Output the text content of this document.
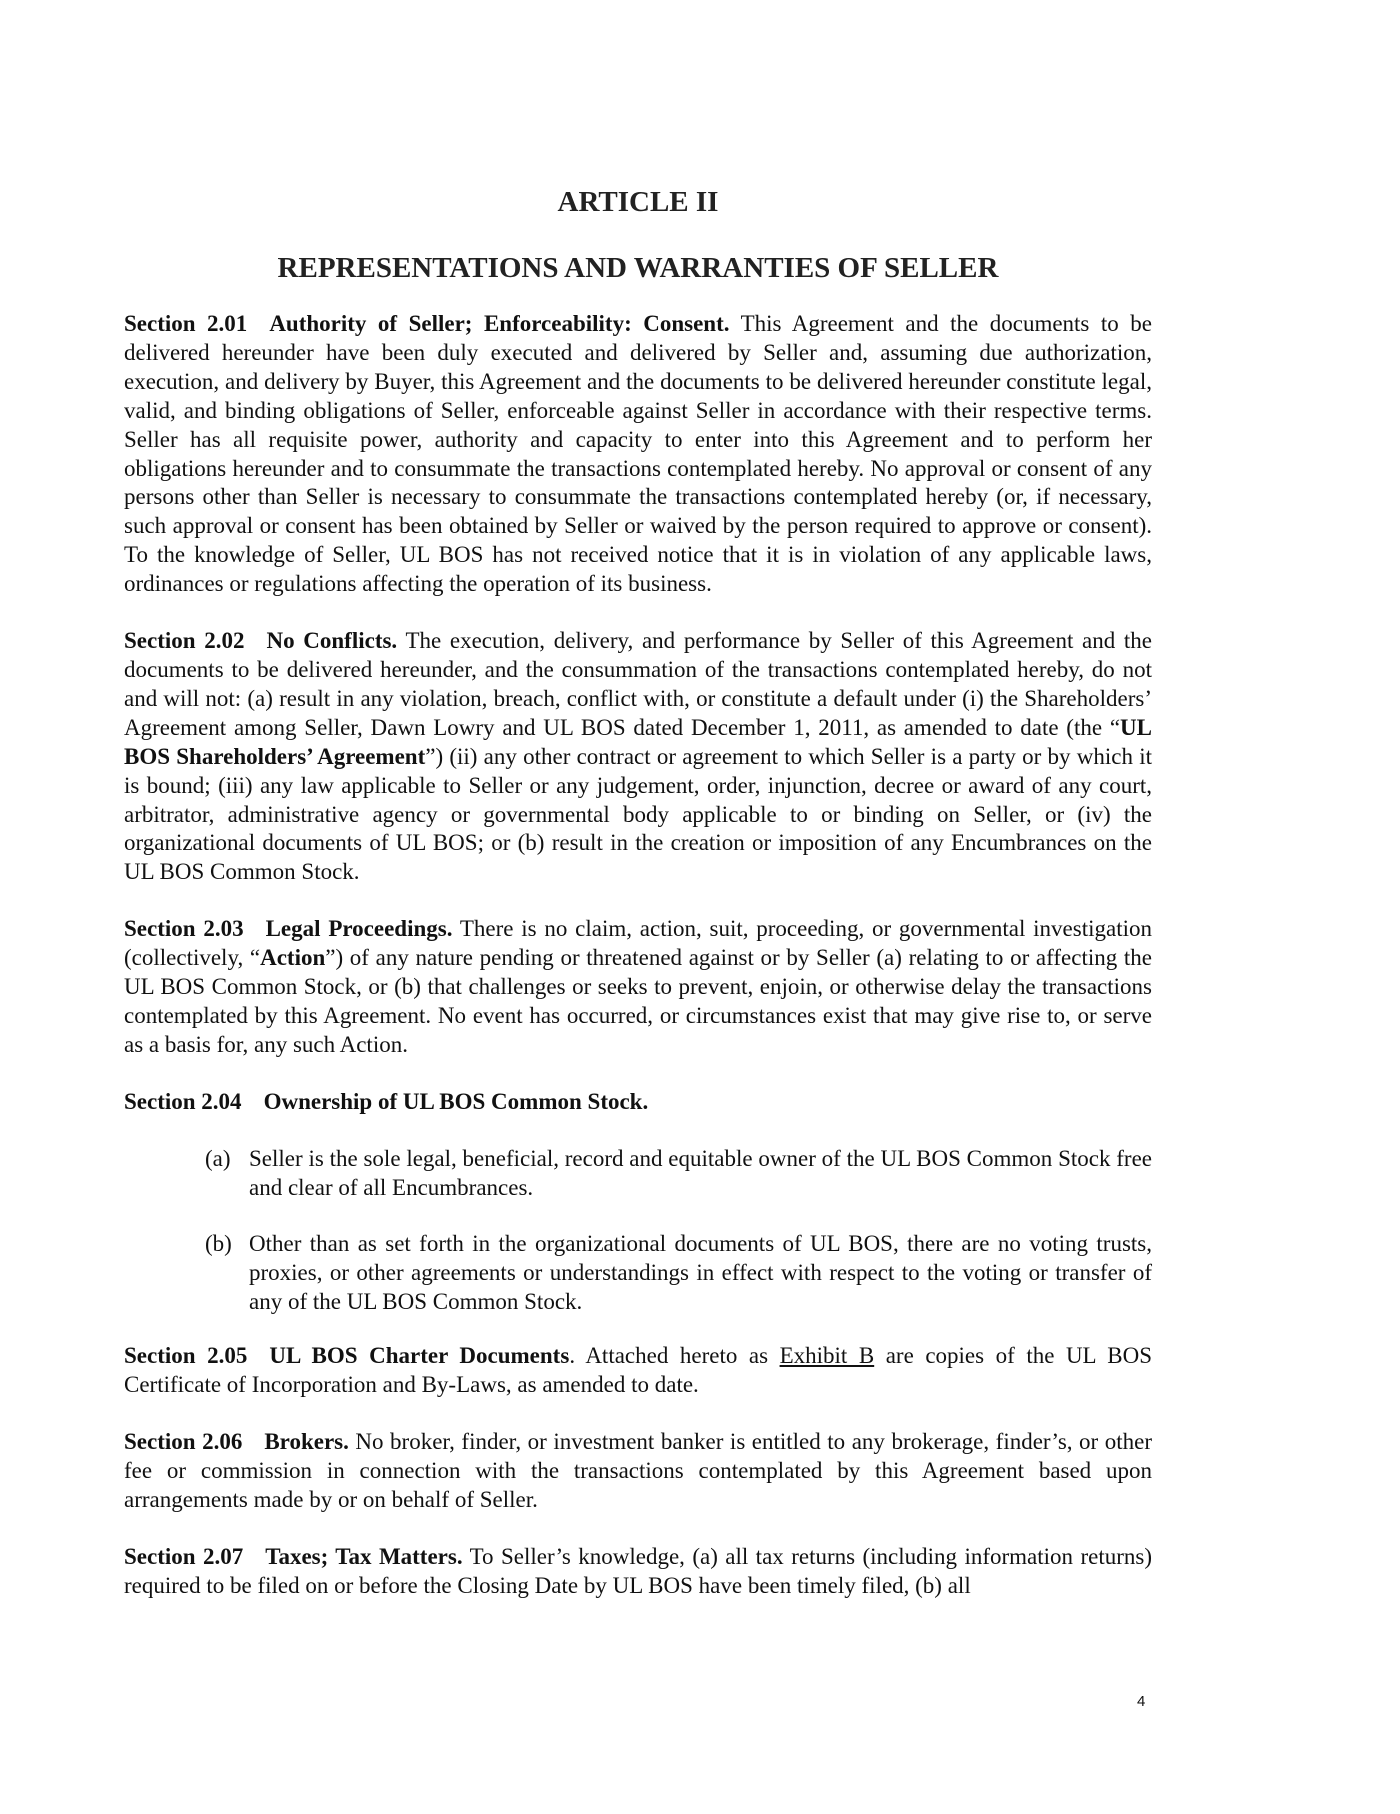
ARTICLE II
REPRESENTATIONS AND WARRANTIES OF SELLER

Section 2.01 Authority of Seller; Enforceability: Consent. This Agreement and the documents to be delivered hereunder have been duly executed and delivered by Seller and, assuming due authorization, execution, and delivery by Buyer, this Agreement and the documents to be delivered hereunder constitute legal, valid, and binding obligations of Seller, enforceable against Seller in accordance with their respective terms. Seller has all requisite power, authority and capacity to enter into this Agreement and to perform her obligations hereunder and to consummate the transactions contemplated hereby. No approval or consent of any persons other than Seller is necessary to consummate the transactions contemplated hereby (or, if necessary, such approval or consent has been obtained by Seller or waived by the person required to approve or consent). To the knowledge of Seller, UL BOS has not received notice that it is in violation of any applicable laws, ordinances or regulations affecting the operation of its business.

Section 2.02 No Conflicts. The execution, delivery, and performance by Seller of this Agreement and the documents to be delivered hereunder, and the consummation of the transactions contemplated hereby, do not and will not: (a) result in any violation, breach, conflict with, or constitute a default under (i) the Shareholders’ Agreement among Seller, Dawn Lowry and UL BOS dated December 1, 2011, as amended to date (the “UL BOS Shareholders’ Agreement”) (ii) any other contract or agreement to which Seller is a party or by which it is bound; (iii) any law applicable to Seller or any judgement, order, injunction, decree or award of any court, arbitrator, administrative agency or governmental body applicable to or binding on Seller, or (iv) the organizational documents of UL BOS; or (b) result in the creation or imposition of any Encumbrances on the UL BOS Common Stock.

Section 2.03 Legal Proceedings. There is no claim, action, suit, proceeding, or governmental investigation (collectively, “Action”) of any nature pending or threatened against or by Seller (a) relating to or affecting the UL BOS Common Stock, or (b) that challenges or seeks to prevent, enjoin, or otherwise delay the transactions contemplated by this Agreement. No event has occurred, or circumstances exist that may give rise to, or serve as a basis for, any such Action.

Section 2.04 Ownership of UL BOS Common Stock.

(a) Seller is the sole legal, beneficial, record and equitable owner of the UL BOS Common Stock free and clear of all Encumbrances.

(b) Other than as set forth in the organizational documents of UL BOS, there are no voting trusts, proxies, or other agreements or understandings in effect with respect to the voting or transfer of any of the UL BOS Common Stock.

Section 2.05 UL BOS Charter Documents. Attached hereto as Exhibit B are copies of the UL BOS Certificate of Incorporation and By-Laws, as amended to date.

Section 2.06 Brokers. No broker, finder, or investment banker is entitled to any brokerage, finder’s, or other fee or commission in connection with the transactions contemplated by this Agreement based upon arrangements made by or on behalf of Seller.

Section 2.07 Taxes; Tax Matters. To Seller’s knowledge, (a) all tax returns (including information returns) required to be filed on or before the Closing Date by UL BOS have been timely filed, (b) all

4
